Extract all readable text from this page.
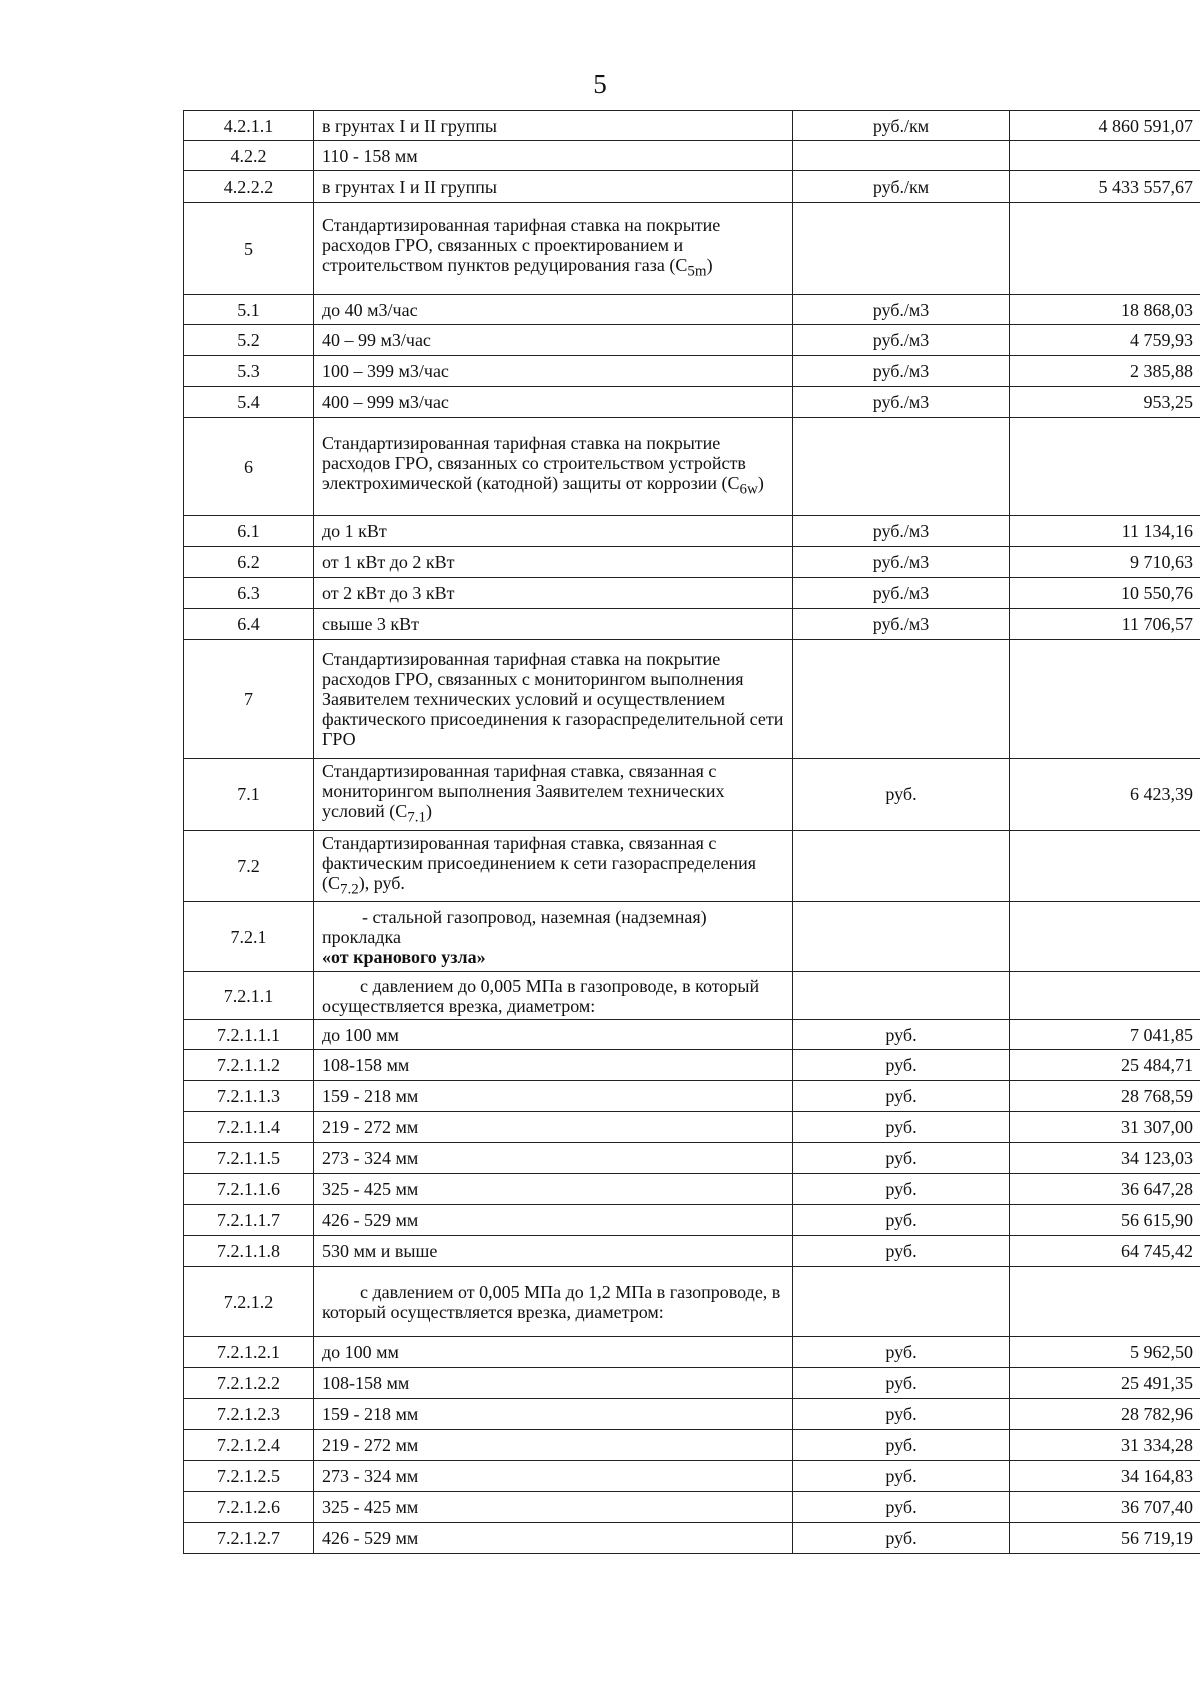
5
4.2.1.1	в грунтах I и II группы	руб./км	4 860 591,07
4.2.2	110 - 158 мм		
4.2.2.2	в грунтах I и II группы	руб./км	5 433 557,67
5	Стандартизированная тарифная ставка на покрытие расходов ГРО, связанных с проектированием и строительством пунктов редуцирования газа $(C_{5m})$		
5.1	до 40 м3/час	руб./м3	18 868,03
5.2	40 – 99 м3/час	руб./м3	4 759,93
5.3	100 – 399 м3/час	руб./м3	2 385,88
5.4	400 – 999 м3/час	руб./м3	953,25
6	Стандартизированная тарифная ставка на покрытие расходов ГРО, связанных со строительством устройств электрохимической (катодной) защиты от коррозии $(C_{6w})$		
6.1	до 1 кВт	руб./м3	11 134,16
6.2	от 1 кВт до 2 кВт	руб./м3	9 710,63
6.3	от 2 кВт до 3 кВт	руб./м3	10 550,76
6.4	свыше 3 кВт	руб./м3	11 706,57
7	Стандартизированная тарифная ставка на покрытие расходов ГРО, связанных с мониторингом выполнения Заявителем технических условий и осуществлением фактического присоединения к газораспределительной сети ГРО		
7.1	Стандартизированная тарифная ставка, связанная с мониторингом выполнения Заявителем технических условий $(C_{7.1})$	руб.	6 423,39
7.2	Стандартизированная тарифная ставка, связанная с фактическим присоединением к сети газораспределения $(C_{7.2})$, руб.		
7.2.1	- стальной газопровод, наземная (надземная) прокладка
«от кранового узла»		
7.2.1.1	с давлением до 0,005 МПа в газопроводе, в который осуществляется врезка, диаметром:		
7.2.1.1.1	до 100 мм	руб.	7 041,85
7.2.1.1.2	108-158 мм	руб.	25 484,71
7.2.1.1.3	159 - 218 мм	руб.	28 768,59
7.2.1.1.4	219 - 272 мм	руб.	31 307,00
7.2.1.1.5	273 - 324 мм	руб.	34 123,03
7.2.1.1.6	325 - 425 мм	руб.	36 647,28
7.2.1.1.7	426 - 529 мм	руб.	56 615,90
7.2.1.1.8	530 мм и выше	руб.	64 745,42
7.2.1.2	с давлением от 0,005 МПа до 1,2 МПа в газопроводе, в который осуществляется врезка, диаметром:		
7.2.1.2.1	до 100 мм	руб.	5 962,50
7.2.1.2.2	108-158 мм	руб.	25 491,35
7.2.1.2.3	159 - 218 мм	руб.	28 782,96
7.2.1.2.4	219 - 272 мм	руб.	31 334,28
7.2.1.2.5	273 - 324 мм	руб.	34 164,83
7.2.1.2.6	325 - 425 мм	руб.	36 707,40
7.2.1.2.7	426 - 529 мм	руб.	56 719,19
